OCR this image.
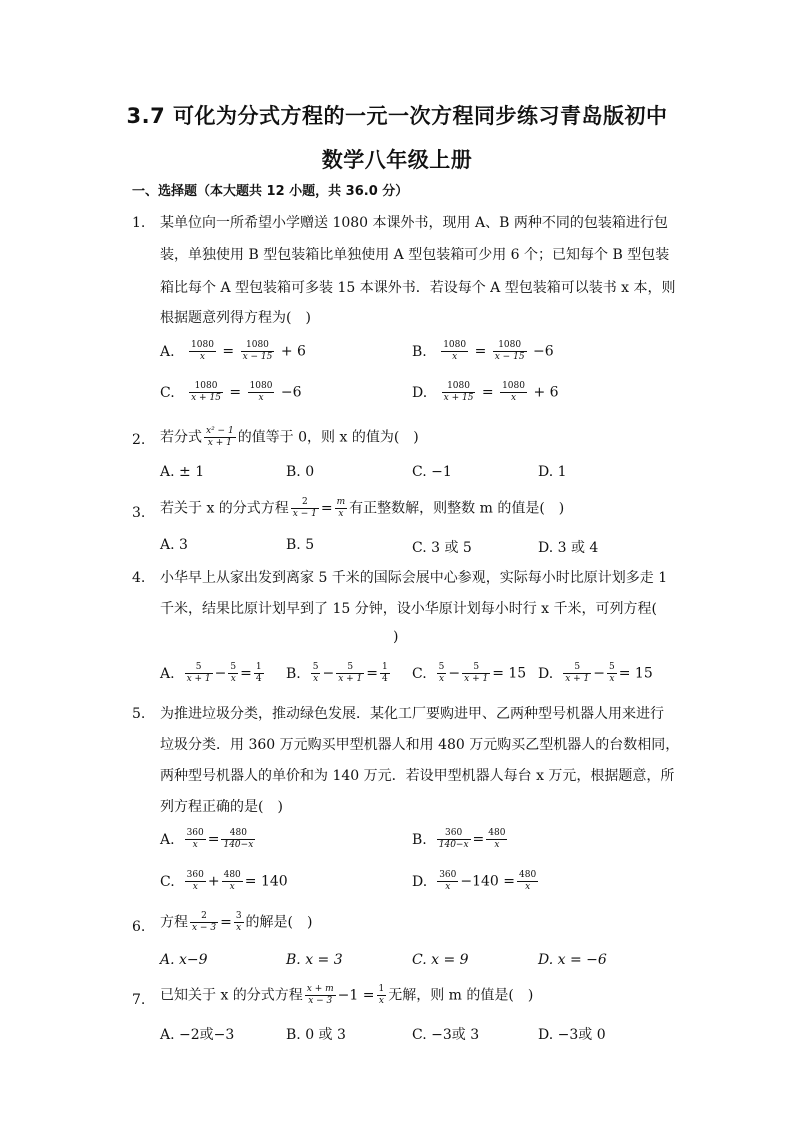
3.7 可化为分式方程的一元一次方程同步练习青岛版初中
数学八年级上册
一、选择题（本大题共 12 小题，共 36.0 分）
1. 某单位向一所希望小学赠送 1080 本课外书，现用 A、B 两种不同的包装箱进行包
装，单独使用 B 型包装箱比单独使用 A 型包装箱可少用 6 个；已知每个 B 型包装
箱比每个 A 型包装箱可多装 15 本课外书．若设每个 A 型包装箱可以装书 x 本，则
根据题意列得方程为(　)
A. $\frac{1080}{x} = \frac{1080}{x - 15} + 6$	B. $\frac{1080}{x} = \frac{1080}{x - 15} -6$
C. $\frac{1080}{x + 15} = \frac{1080}{x} -6$	D. $\frac{1080}{x + 15} = \frac{1080}{x} + 6$
2. 若分式 $\frac{\text{x² − 1}}{x + 1}$ 的值等于 0，则 x 的值为(　)
A. ± 1	B. 0	C. −1	D. 1
3. 若关于 x 的分式方程 $\frac{2}{x - 1} = \frac{m}{x}$ 有正整数解，则整数 m 的值是(　)
A. 3	B. 5	C. 3 或 5	D. 3 或 4
4. 小华早上从家出发到离家 5 千米的国际会展中心参观，实际每小时比原计划多走 1
千米，结果比原计划早到了 15 分钟，设小华原计划每小时行 x 千米，可列方程(
)
A. $\frac{5}{x + 1} - \frac{5}{x} = \frac{1}{4} B$. $\frac{5}{x} - \frac{5}{x + 1} = \frac{1}{4} C$. $\frac{5}{x} - \frac{5}{x + 1} = 15$ D. $\frac{5}{x + 1} - \frac{5}{x} = 15$
5. 为推进垃圾分类，推动绿色发展．某化工厂要购进甲、乙两种型号机器人用来进行
垃圾分类．用 360 万元购买甲型机器人和用 480 万元购买乙型机器人的台数相同，
两种型号机器人的单价和为 140 万元．若设甲型机器人每台 x 万元，根据题意，所
列方程正确的是(　)
A. $\frac{360}{x} = \frac{480}{140-x}$	B. $\frac{360}{140-x} = \frac{480}{x}$
C. $\frac{360}{x} + \frac{480}{x} = 140$	D. $\frac{360}{x} -140 = \frac{480}{x}$
6. 方程 $\frac{2}{x - 3} = \frac{3}{x}$ 的解是(　)
A. x−9	B. x = 3	C. x = 9	D. x = −6
7. 已知关于 x 的分式方程 $\frac{x + m}{x - 3} -1 = \frac{1}{x}$ 无解，则 m 的值是(　)
A. −2或−3	B. 0 或 3	C. −3或 3	D. −3或 0
